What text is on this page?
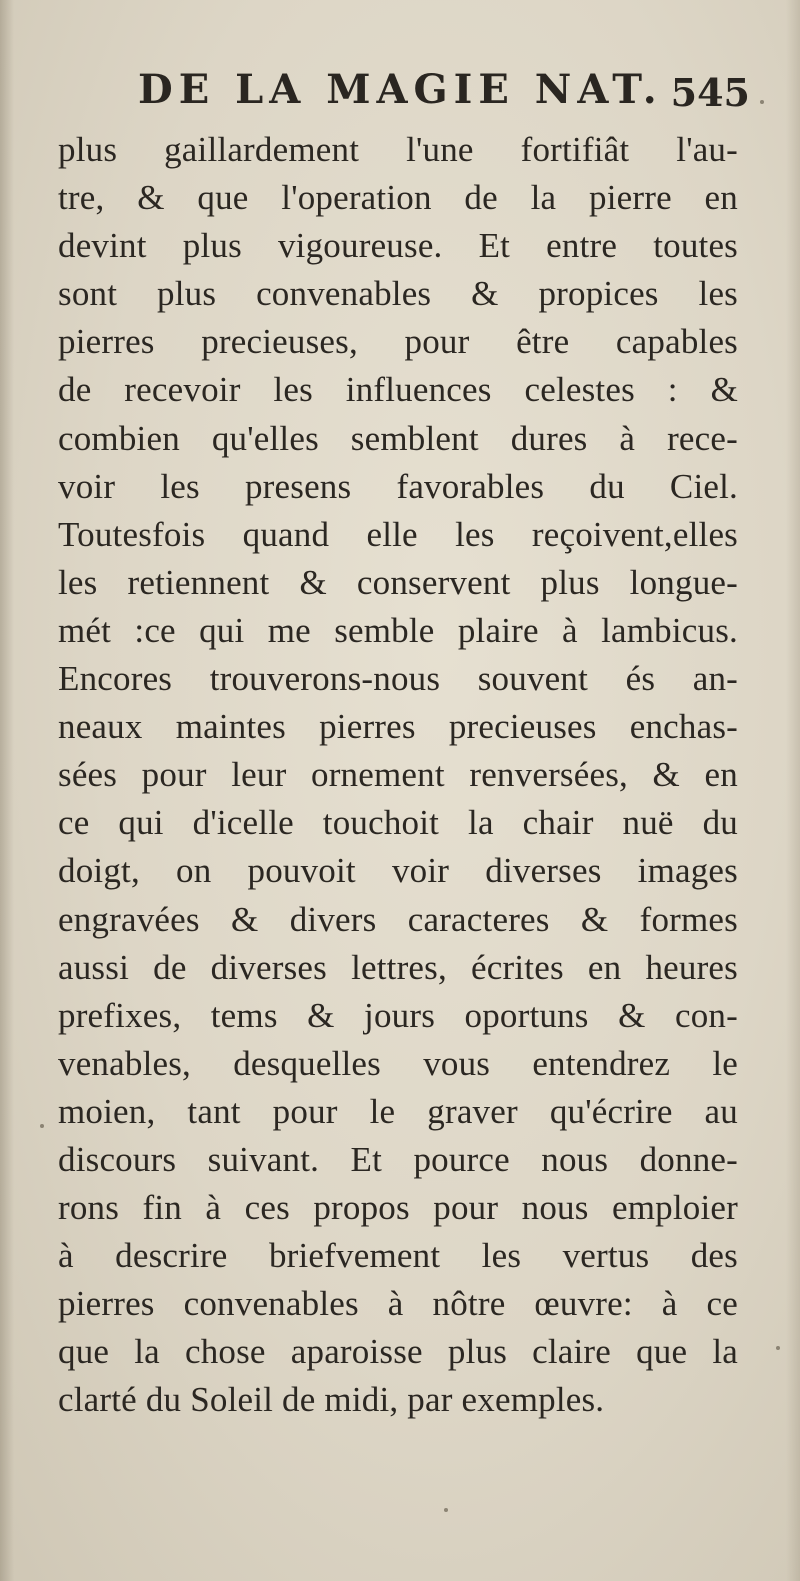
DE LA MAGIE NAT. 545
plus gaillardement l'une fortifiât l'au-
tre, & que l'operation de la pierre en
devint plus vigoureuse. Et entre toutes
sont plus convenables & propices les
pierres precieuses, pour être capables
de recevoir les influences celestes : &
combien qu'elles semblent dures à rece-
voir les presens favorables du Ciel.
Toutesfois quand elle les reçoivent,elles
les retiennent & conservent plus longue-
mét :ce qui me semble plaire à lambicus.
Encores trouverons-nous souvent és an-
neaux maintes pierres precieuses enchas-
sées pour leur ornement renversées, & en
ce qui d'icelle touchoit la chair nuë du
doigt, on pouvoit voir diverses images
engravées & divers caracteres & formes
aussi de diverses lettres, écrites en heures
prefixes, tems & jours oportuns & con-
venables, desquelles vous entendrez le
moien, tant pour le graver qu'écrire au
discours suivant. Et pource nous donne-
rons fin à ces propos pour nous emploier
à descrire briefvement les vertus des
pierres convenables à nôtre œuvre: à ce
que la chose aparoisse plus claire que la
clarté du Soleil de midi, par exemples.
